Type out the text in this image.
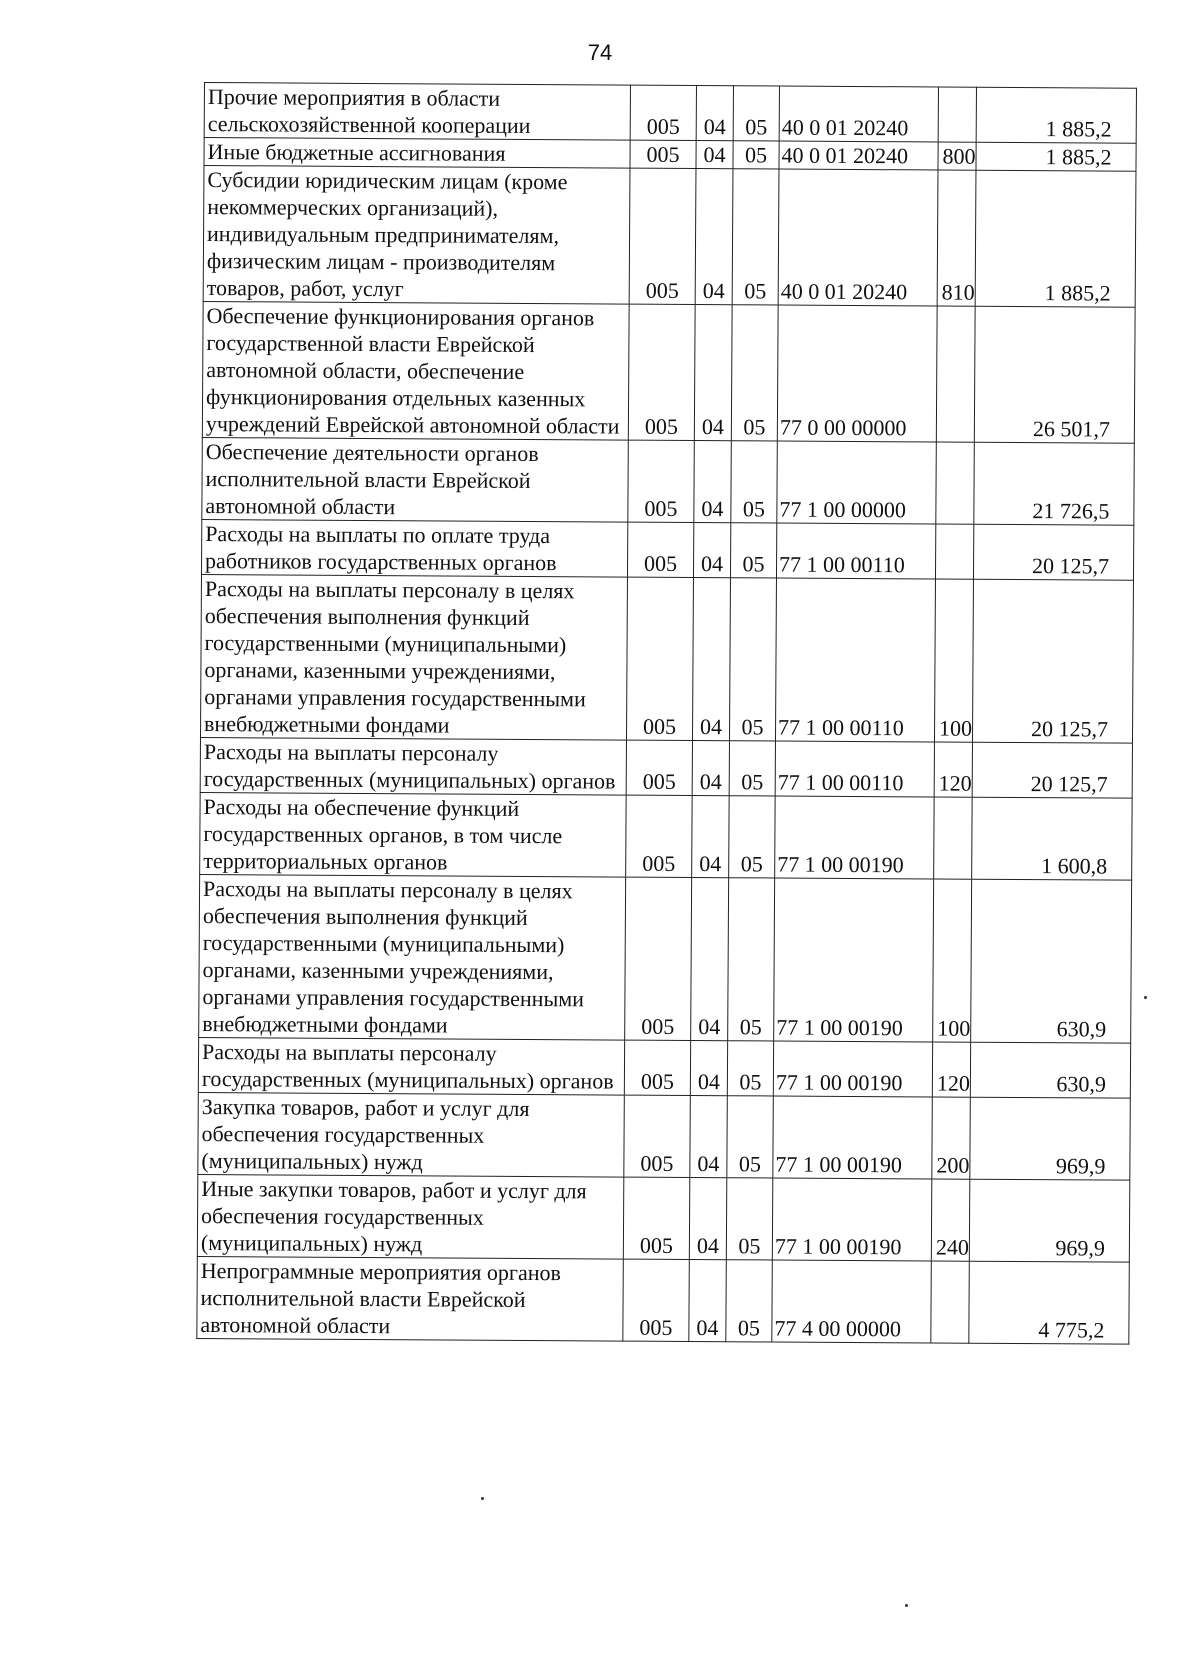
74
Прочие мероприятия в области сельскохозяйственной кооперации	005	04	05	40 0 01 20240		1 885,2
Иные бюджетные ассигнования	005	04	05	40 0 01 20240	800	1 885,2
Субсидии юридическим лицам (кроме некоммерческих организаций), индивидуальным предпринимателям, физическим лицам - производителям товаров, работ, услуг	005	04	05	40 0 01 20240	810	1 885,2
Обеспечение функционирования органов государственной власти Еврейской автономной области, обеспечение функционирования отдельных казенных учреждений Еврейской автономной области	005	04	05	77 0 00 00000		26 501,7
Обеспечение деятельности органов исполнительной власти Еврейской автономной области	005	04	05	77 1 00 00000		21 726,5
Расходы на выплаты по оплате труда работников государственных органов	005	04	05	77 1 00 00110		20 125,7
Расходы на выплаты персоналу в целях обеспечения выполнения функций государственными (муниципальными) органами, казенными учреждениями, органами управления государственными внебюджетными фондами	005	04	05	77 1 00 00110	100	20 125,7
Расходы на выплаты персоналу государственных (муниципальных) органов	005	04	05	77 1 00 00110	120	20 125,7
Расходы на обеспечение функций государственных органов, в том числе территориальных органов	005	04	05	77 1 00 00190		1 600,8
Расходы на выплаты персоналу в целях обеспечения выполнения функций государственными (муниципальными) органами, казенными учреждениями, органами управления государственными внебюджетными фондами	005	04	05	77 1 00 00190	100	630,9
Расходы на выплаты персоналу государственных (муниципальных) органов	005	04	05	77 1 00 00190	120	630,9
Закупка товаров, работ и услуг для обеспечения государственных (муниципальных) нужд	005	04	05	77 1 00 00190	200	969,9
Иные закупки товаров, работ и услуг для обеспечения государственных (муниципальных) нужд	005	04	05	77 1 00 00190	240	969,9
Непрограммные мероприятия органов исполнительной власти Еврейской автономной области	005	04	05	77 4 00 00000		4 775,2
